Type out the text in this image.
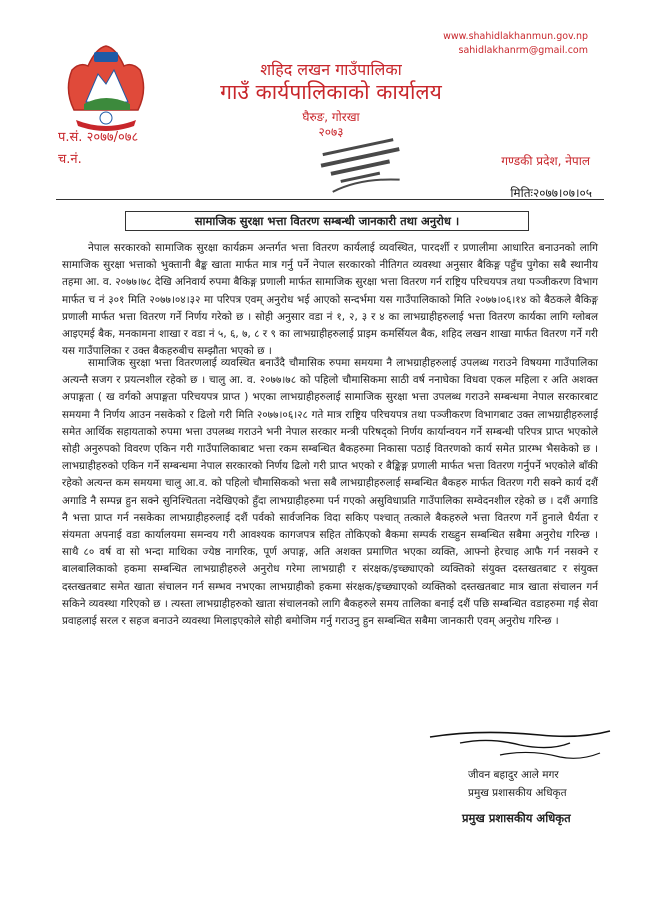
www.shahidlakhanmun.gov.np
sahidlakhanrm@gmail.com
शहिद लखन गाउँपालिका
गाउँ कार्यपालिकाको कार्यालय
घैरुङ, गोरखा
२०७३
प.सं. २०७७/०७८
च.नं.	गण्डकी प्रदेश, नेपाल
मितिः२०७७।०७।०५
सामाजिक सुरक्षा भत्ता वितरण सम्बन्धी जानकारी तथा अनुरोध ।

नेपाल सरकारको सामाजिक सुरक्षा कार्यक्रम अन्तर्गत भत्ता वितरण कार्यलाई व्यवस्थित, पारदर्शी र प्रणालीमा आधारित बनाउनको लागि सामाजिक सुरक्षा भत्ताको भुक्तानी बैङ्क खाता मार्फत मात्र गर्नु पर्ने नेपाल सरकारको नीतिगत व्यवस्था अनुसार बैकिङ्ग पहुँच पुगेका सबै स्थानीय तहमा आ. व. २०७७।७८ देखि अनिवार्य रुपमा बैकिङ्ग प्रणाली मार्फत सामाजिक सुरक्षा भत्ता वितरण गर्न राष्ट्रिय परिचयपत्र तथा पञ्जीकरण विभाग मार्फत च नं ३०१ मिति २०७७।०४।३२ मा परिपत्र एवम् अनुरोध भई आएको सन्दर्भमा यस गाउँपालिकाको मिति २०७७।०६।१४ को बैठकले बैकिङ्ग प्रणाली मार्फत भत्ता वितरण गर्ने निर्णय गरेको छ । सोही अनुसार वडा नं १, २, ३ र ४ का लाभग्राहीहरुलाई भत्ता वितरण कार्यका लागि ग्लोबल आइएमई बैक, मनकामना शाखा र वडा नं ५, ६, ७, ८ र ९ का लाभग्राहीहरुलाई प्राइम कमर्सियल बैक, शहिद लखन शाखा मार्फत वितरण गर्ने गरी यस गाउँपालिका र उक्त बैकहरुबीच सम्झौता भएको छ ।

सामाजिक सुरक्षा भत्ता वितरणलाई व्यवस्थित बनाउँदै चौमासिक रुपमा समयमा नै लाभग्राहीहरुलाई उपलब्ध गराउने विषयमा गाउँपालिका अत्यन्तै सजग र प्रयत्नशील रहेको छ । चालु आ. व. २०७७।७८ को पहिलो चौमासिकमा साठी वर्ष ननाघेका विधवा एकल महिला र अति अशक्त अपाङ्गता ( ख वर्गको अपाङ्गता परिचयपत्र प्राप्त ) भएका लाभग्राहीहरुलाई सामाजिक सुरक्षा भत्ता उपलब्ध गराउने सम्बन्धमा नेपाल सरकारबाट समयमा नै निर्णय आउन नसकेको र ढिलो गरी मिति २०७७।०६।२८ गते मात्र राष्ट्रिय परिचयपत्र तथा पञ्जीकरण विभागबाट उक्त लाभग्राहीहरुलाई समेत आर्थिक सहायताको रुपमा भत्ता उपलब्ध गराउने भनी नेपाल सरकार मन्त्री परिषद्को निर्णय कार्यान्वयन गर्ने सम्बन्धी परिपत्र प्राप्त भएकोले सोही अनुरुपको विवरण एकिन गरी गाउँपालिकाबाट भत्ता रकम सम्बन्धित बैकहरुमा निकासा पठाई वितरणको कार्य समेत प्रारम्भ भैसकेको छ । लाभग्राहीहरुको एकिन गर्ने सम्बन्धमा नेपाल सरकारको निर्णय ढिलो गरी प्राप्त भएको र बैङ्किङ्ग प्रणाली मार्फत भत्ता वितरण गर्नुपर्ने भएकोले बाँकी रहेको अत्यन्त कम समयमा चालु आ.व. को पहिलो चौमासिकको भत्ता सबै लाभग्राहीहरुलाई सम्बन्धित बैकहरु मार्फत वितरण गरी सक्ने कार्य दशैं अगाडि नै सम्पन्न हुन सक्ने सुनिश्चितता नदेखिएको हुँदा लाभग्राहीहरुमा पर्न गएको असुविधाप्रति गाउँपालिका सम्वेदनशील रहेको छ । दशैं अगाडि नै भत्ता प्राप्त गर्न नसकेका लाभग्राहीहरुलाई दशैं पर्वको सार्वजनिक विदा सकिए पश्चात् तत्काले बैकहरुले भत्ता वितरण गर्ने हुनाले धैर्यता र संयमता अपनाई वडा कार्यालयमा समन्वय गरी आवश्यक कागजपत्र सहित तोकिएको बैकमा सम्पर्क राख्हुन सम्बन्धित सबैमा अनुरोध गरिन्छ । साथै ८० वर्ष वा सो भन्दा माथिका ज्येष्ठ नागरिक, पूर्ण अपाङ्ग, अति अशक्त प्रमाणित भएका व्यक्ति, आफ्नो हेरचाह आफै गर्न नसक्ने र बालबालिकाको हकमा सम्बन्धित लाभग्राहीहरुले अनुरोध गरेमा लाभग्राही र संरक्षक/इच्छ्याएको व्यक्तिको संयुक्त दस्तखतबाट र संयुक्त दस्तखतबाट समेत खाता संचालन गर्न सम्भव नभएका लाभग्राहीको हकमा संरक्षक/इच्छ्याएको व्यक्तिको दस्तखतबाट मात्र खाता संचालन गर्न सकिने व्यवस्था गरिएको छ । त्यस्ता लाभग्राहीहरुको खाता संचालनको लागि बैकहरुले समय तालिका बनाई दशैं पछि सम्बन्धित वडाहरुमा गई सेवा प्रवाहलाई सरल र सहज बनाउने व्यवस्था मिलाइएकोले सोही बमोजिम गर्नु गराउनु हुन सम्बन्धित सबैमा जानकारी एवम् अनुरोध गरिन्छ ।

जीवन बहादुर आले मगर
प्रमुख प्रशासकीय अधिकृत
प्रमुख प्रशासकीय अधिकृत
